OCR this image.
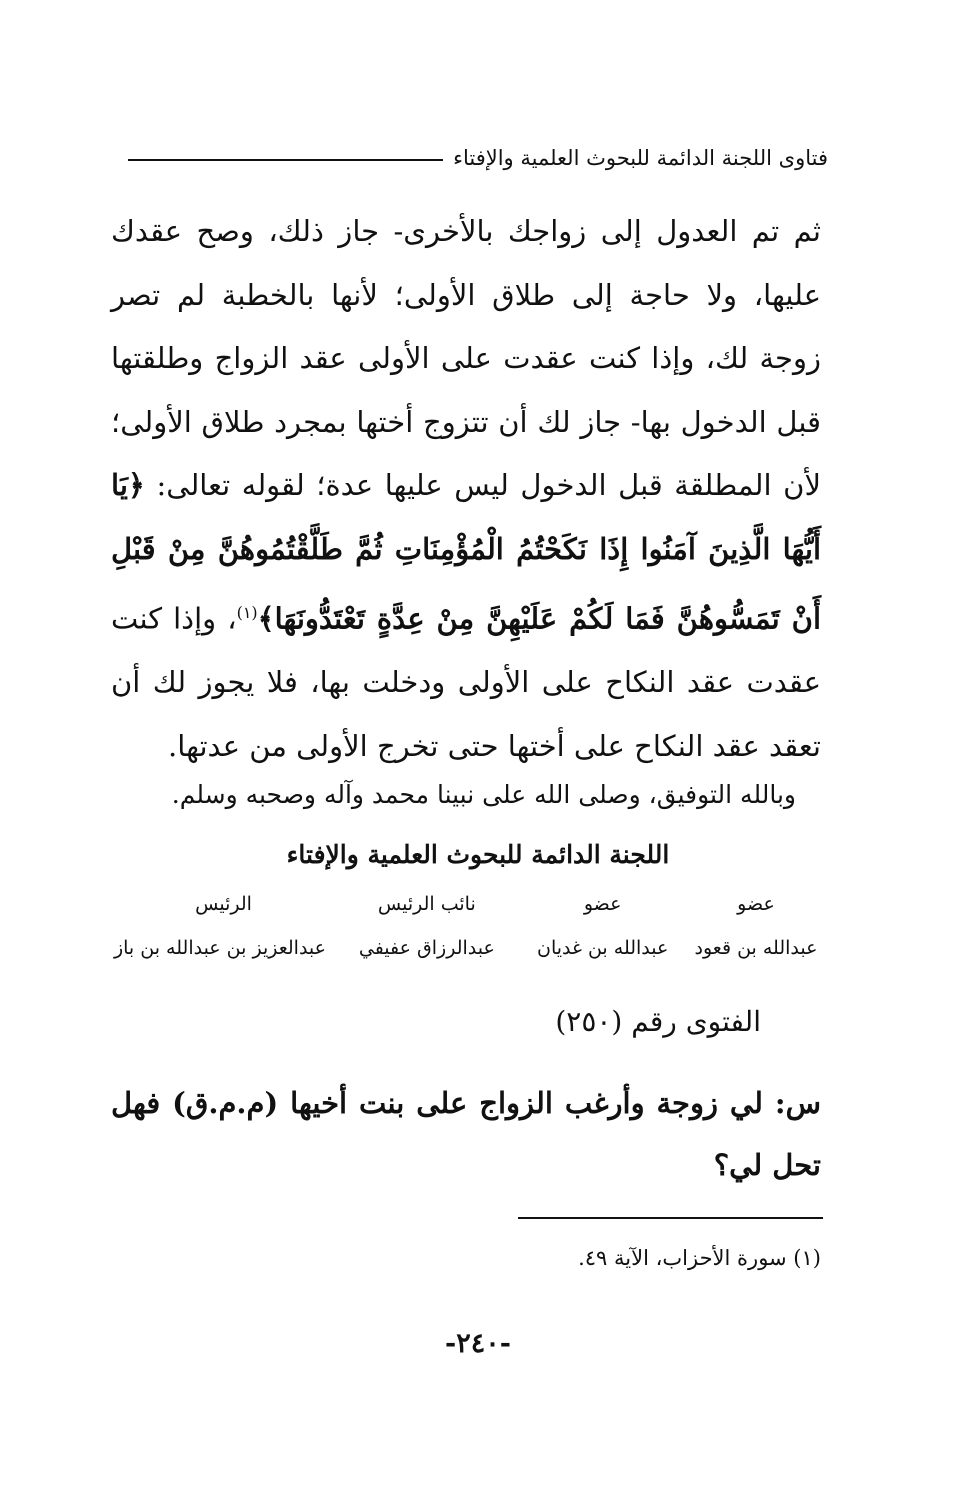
فتاوى اللجنة الدائمة للبحوث العلمية والإفتاء
ثم تم العدول إلى زواجك بالأخرى- جاز ذلك، وصح عقدك عليها، ولا حاجة إلى طلاق الأولى؛ لأنها بالخطبة لم تصر زوجة لك، وإذا كنت عقدت على الأولى عقد الزواج وطلقتها قبل الدخول بها- جاز لك أن تتزوج أختها بمجرد طلاق الأولى؛ لأن المطلقة قبل الدخول ليس عليها عدة؛ لقوله تعالى: ﴿يَا أَيُّهَا الَّذِينَ آمَنُوا إِذَا نَكَحْتُمُ الْمُؤْمِنَاتِ ثُمَّ طَلَّقْتُمُوهُنَّ مِنْ قَبْلِ أَنْ تَمَسُّوهُنَّ فَمَا لَكُمْ عَلَيْهِنَّ مِنْ عِدَّةٍ تَعْتَدُّونَهَا﴾$^{(١)}$، وإذا كنت عقدت عقد النكاح على الأولى ودخلت بها، فلا يجوز لك أن تعقد عقد النكاح على أختها حتى تخرج الأولى من عدتها.
وبالله التوفيق، وصلى الله على نبينا محمد وآله وصحبه وسلم.
اللجنة الدائمة للبحوث العلمية والإفتاء
عضو
عضو
نائب الرئيس
الرئيس
عبدالله بن قعود
عبدالله بن غديان
عبدالرزاق عفيفي
عبدالعزيز بن عبدالله بن باز
الفتوى رقم (٢٥٠)
س: لي زوجة وأرغب الزواج على بنت أخيها (م.م.ق) فهل تحل لي؟
(١) سورة الأحزاب، الآية ٤٩.
-٢٤٠-
